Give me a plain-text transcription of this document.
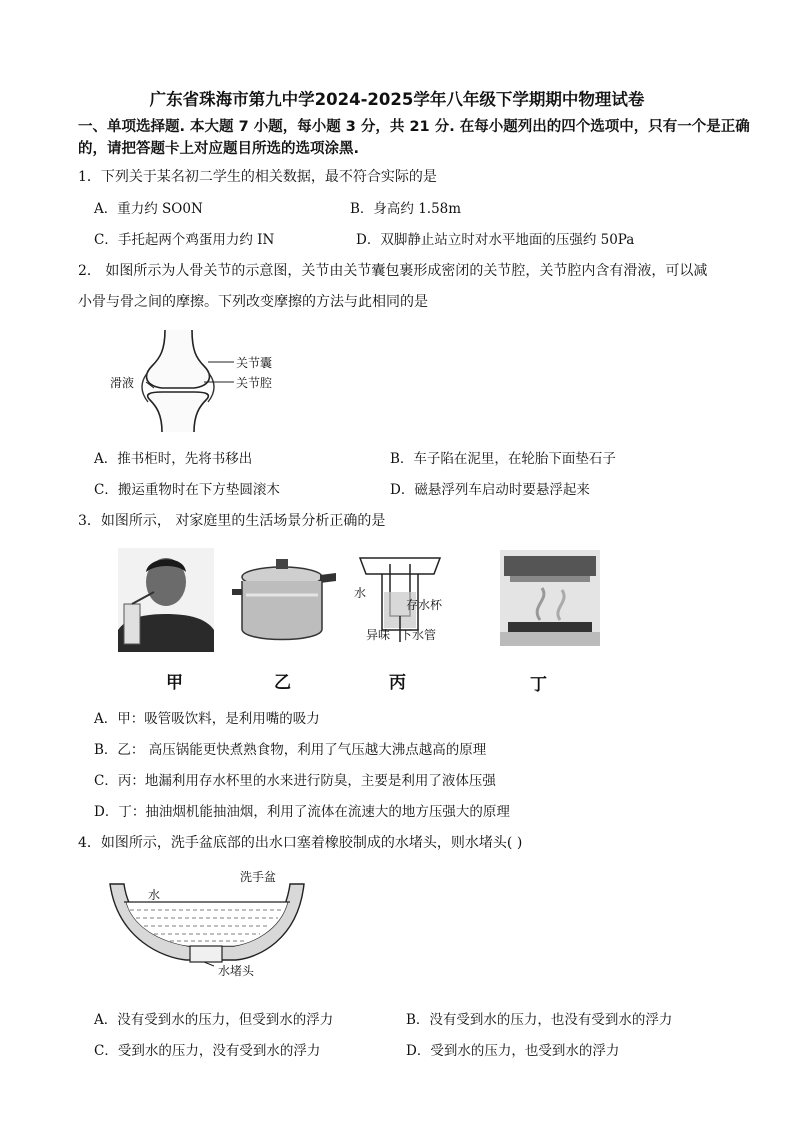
广东省珠海市第九中学2024-2025学年八年级下学期期中物理试卷
一、单项选择题. 本大题 7 小题，每小题 3 分，共 21 分. 在每小题列出的四个选项中，只有一个是正确的，请把答题卡上对应题目所选的选项涂黑.
1．下列关于某名初二学生的相关数据，最不符合实际的是
A．重力约 SO0N	B．身高约 1.58m
C．手托起两个鸡蛋用力约 IN	D．双脚静止站立时对水平地面的压强约 50Pa
2． 如图所示为人骨关节的示意图，关节由关节囊包裹形成密闭的关节腔，关节腔内含有滑液，可以减
小骨与骨之间的摩擦。下列改变摩擦的方法与此相同的是
滑液
关节囊
关节腔
A．推书柜时，先将书移出	B．车子陷在泥里，在轮胎下面垫石子
C．搬运重物时在下方垫圆滚木	D．磁悬浮列车启动时要悬浮起来
3．如图所示， 对家庭里的生活场景分析正确的是
水
存水杯
异味 下水管
甲	乙	丙	丁
A．甲：吸管吸饮料，是利用嘴的吸力
B．乙： 高压锅能更快煮熟食物，利用了气压越大沸点越高的原理
C．丙：地漏利用存水杯里的水来进行防臭，主要是利用了液体压强
D．丁：抽油烟机能抽油烟，利用了流体在流速大的地方压强大的原理
4．如图所示，洗手盆底部的出水口塞着橡胶制成的水堵头，则水堵头( )
洗手盆
水
水堵头
A．没有受到水的压力，但受到水的浮力	B．没有受到水的压力，也没有受到水的浮力
C．受到水的压力，没有受到水的浮力	D．受到水的压力，也受到水的浮力
